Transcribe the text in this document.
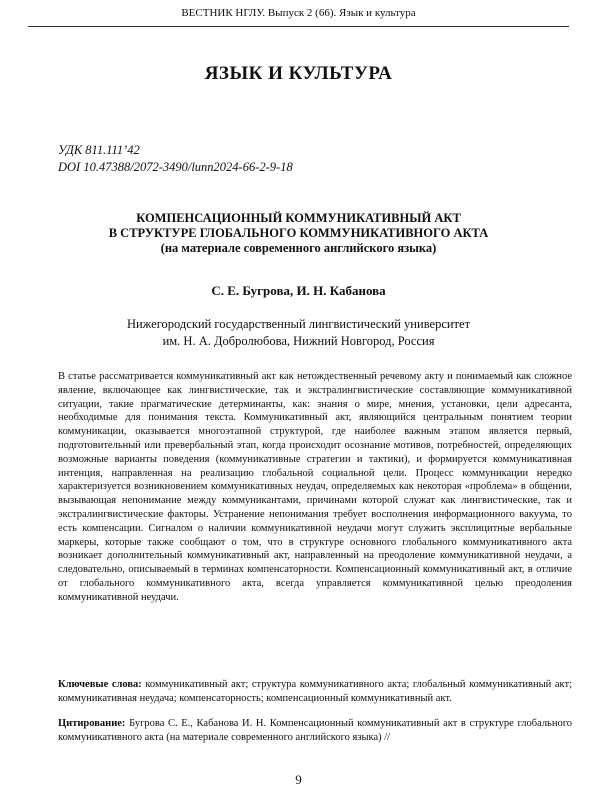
ВЕСТНИК НГЛУ. Выпуск 2 (66). Язык и культура
ЯЗЫК И КУЛЬТУРА
УДК 811.111’42
DOI 10.47388/2072-3490/lunn2024-66-2-9-18
КОМПЕНСАЦИОННЫЙ КОММУНИКАТИВНЫЙ АКТ
В СТРУКТУРЕ ГЛОБАЛЬНОГО КОММУНИКАТИВНОГО АКТА
(на материале современного английского языка)
С. Е. Бугрова, И. Н. Кабанова
Нижегородский государственный лингвистический университет
им. Н. А. Добролюбова, Нижний Новгород, Россия

В статье рассматривается коммуникативный акт как нетождественный речевому акту и понимаемый как сложное явление, включающее как лингвистические, так и экстралингвистические составляющие коммуникативной ситуации, такие прагматические детерминанты, как: знания о мире, мнения, установки, цели адресанта, необходимые для понимания текста. Коммуникативный акт, являющийся центральным понятием теории коммуникации, оказывается многоэтапной структурой, где наиболее важным этапом является первый, подготовительный или превербальный этап, когда происходит осознание мотивов, потребностей, определяющих возможные варианты поведения (коммуникативные стратегии и тактики), и формируется коммуникативная интенция, направленная на реализацию глобальной социальной цели. Процесс коммуникации нередко характеризуется возникновением коммуникативных неудач, определяемых как некоторая «проблема» в общении, вызывающая непонимание между коммуникантами, причинами которой служат как лингвистические, так и экстралингвистические факторы. Устранение непонимания требует восполнения информационного вакуума, то есть компенсации. Сигналом о наличии коммуникативной неудачи могут служить эксплицитные вербальные маркеры, которые также сообщают о том, что в структуре основного глобального коммуникативного акта возникает дополнительный коммуникативный акт, направленный на преодоление коммуникативной неудачи, а следовательно, описываемый в терминах компенсаторности. Компенсационный коммуникативный акт, в отличие от глобального коммуникативного акта, всегда управляется коммуникативной целью преодоления коммуникативной неудачи.

Ключевые слова: коммуникативный акт; структура коммуникативного акта; глобальный коммуникативный акт; коммуникативная неудача; компенсаторность; компенсационный коммуникативный акт.

Цитирование: Бугрова С. Е., Кабанова И. Н. Компенсационный коммуникативный акт в структуре глобального коммуникативного акта (на материале современного английского языка) //

9
